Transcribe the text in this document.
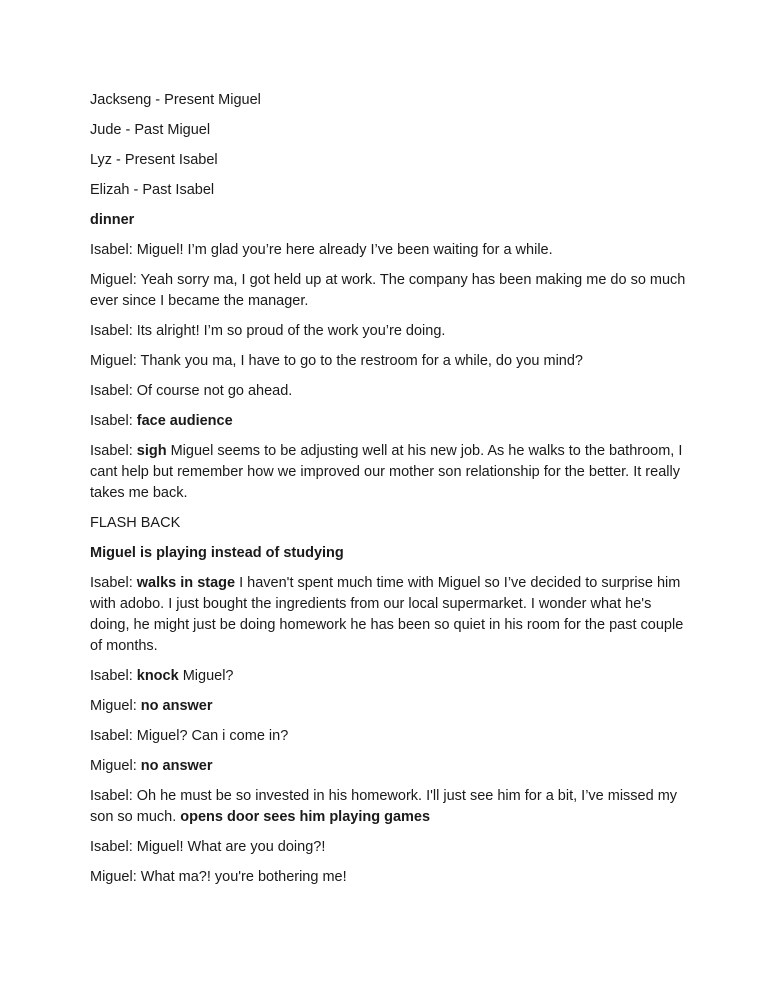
Jackseng - Present Miguel

Jude - Past Miguel

Lyz - Present Isabel

Elizah - Past Isabel

dinner

Isabel: Miguel! I’m glad you’re here already I’ve been waiting for a while.

Miguel: Yeah sorry ma, I got held up at work. The company has been making me do so much ever since I became the manager.

Isabel: Its alright! I’m so proud of the work you’re doing.

Miguel: Thank you ma, I have to go to the restroom for a while, do you mind?

Isabel: Of course not go ahead.

Isabel: face audience

Isabel: sigh Miguel seems to be adjusting well at his new job. As he walks to the bathroom, I cant help but remember how we improved our mother son relationship for the better. It really takes me back.

FLASH BACK

Miguel is playing instead of studying

Isabel: walks in stage I haven't spent much time with Miguel so I’ve decided to surprise him with adobo. I just bought the ingredients from our local supermarket. I wonder what he's doing, he might just be doing homework he has been so quiet in his room for the past couple of months.

Isabel: knock Miguel?

Miguel: no answer

Isabel: Miguel? Can i come in?

Miguel: no answer

Isabel: Oh he must be so invested in his homework. I'll just see him for a bit, I’ve missed my son so much. opens door sees him playing games

Isabel: Miguel! What are you doing?!

Miguel: What ma?! you're bothering me!
